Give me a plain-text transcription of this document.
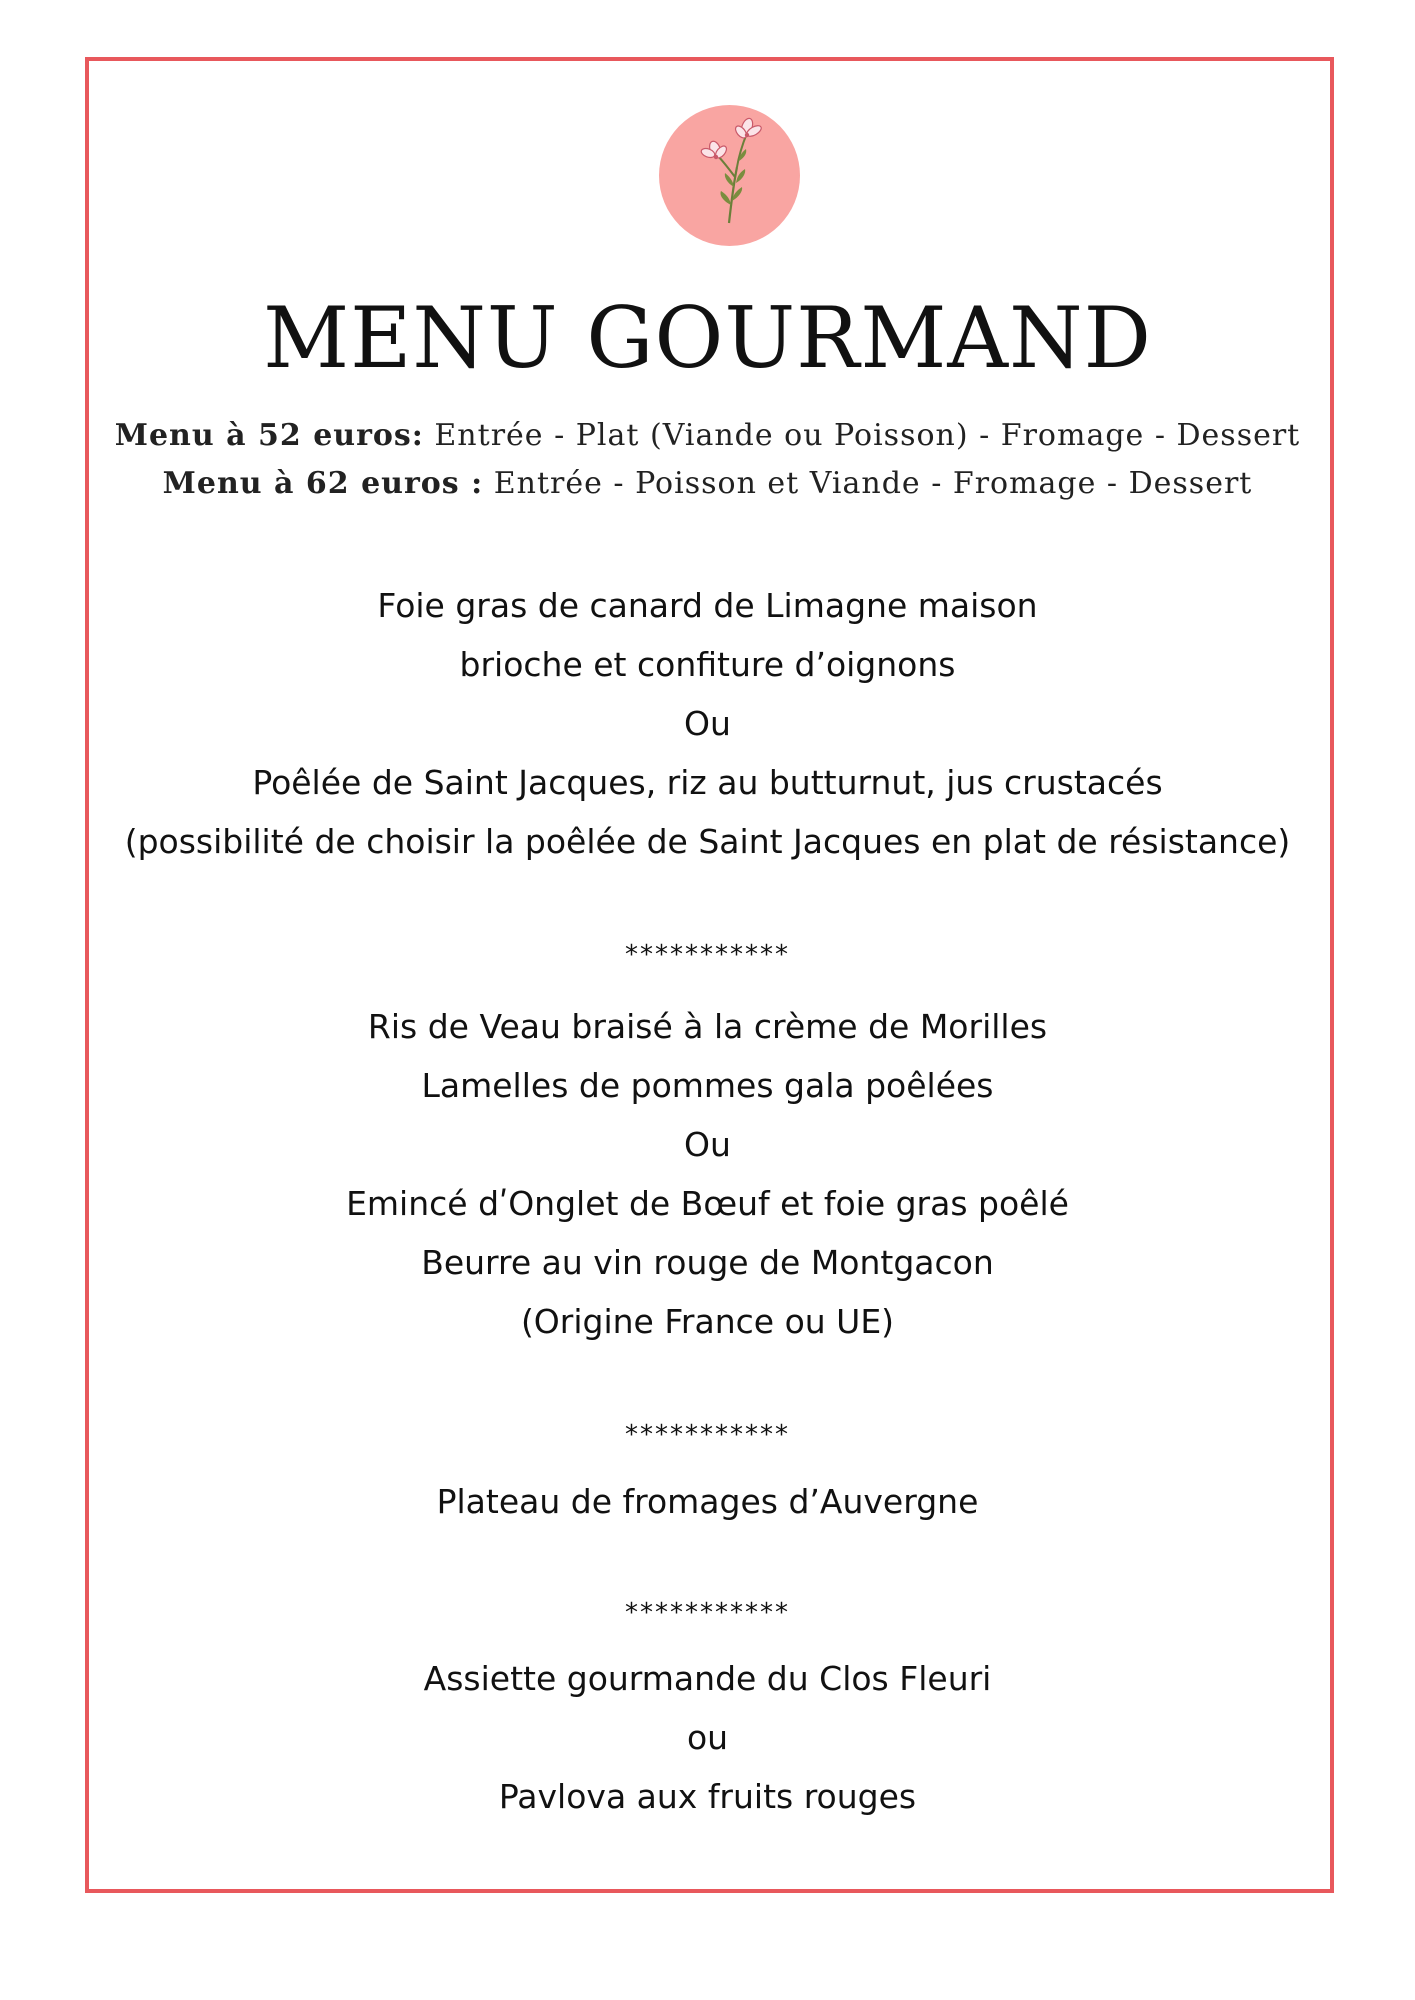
MENU GOURMAND
Menu à 52 euros: Entrée - Plat (Viande ou Poisson) - Fromage - Dessert
Menu à 62 euros : Entrée - Poisson et Viande - Fromage - Dessert
Foie gras de canard de Limagne maison
brioche et confiture d’oignons
Ou
Poêlée de Saint Jacques, riz au butturnut, jus crustacés
(possibilité de choisir la poêlée de Saint Jacques en plat de résistance)
***********
Ris de Veau braisé à la crème de Morilles
Lamelles de pommes gala poêlées
Ou
Emincé dʹOnglet de Bœuf et foie gras poêlé
Beurre au vin rouge de Montgacon
(Origine France ou UE)
***********
Plateau de fromages d’Auvergne
***********
Assiette gourmande du Clos Fleuri
ou
Pavlova aux fruits rouges
